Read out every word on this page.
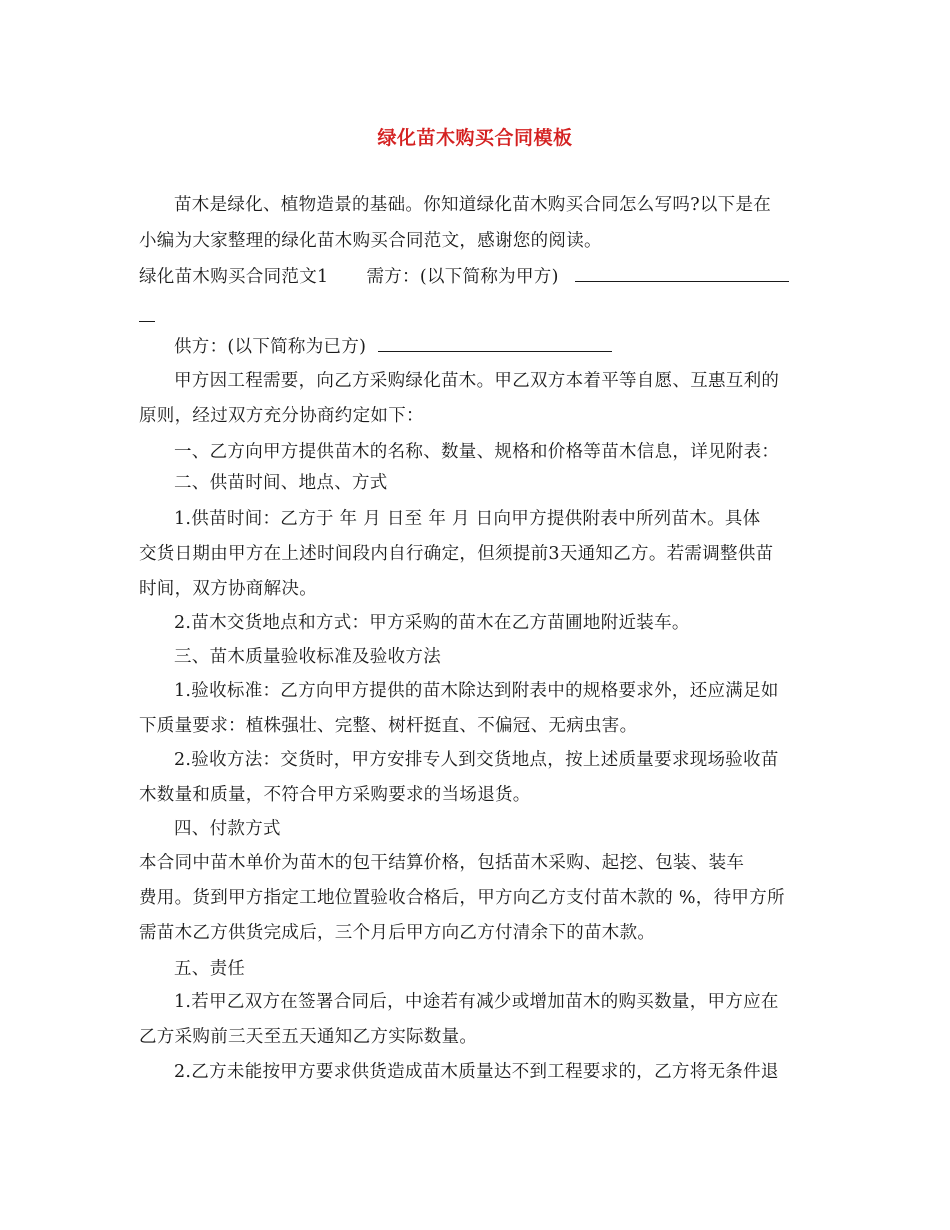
绿化苗木购买合同模板
苗木是绿化、植物造景的基础。你知道绿化苗木购买合同怎么写吗?以下是在
小编为大家整理的绿化苗木购买合同范文，感谢您的阅读。
绿化苗木购买合同范文1 需方：(以下简称为甲方)
供方：(以下简称为已方)
甲方因工程需要，向乙方采购绿化苗木。甲乙双方本着平等自愿、互惠互利的
原则，经过双方充分协商约定如下：
一、乙方向甲方提供苗木的名称、数量、规格和价格等苗木信息，详见附表：
二、供苗时间、地点、方式
1.供苗时间：乙方于 年 月 日至 年 月 日向甲方提供附表中所列苗木。具体
交货日期由甲方在上述时间段内自行确定，但须提前3天通知乙方。若需调整供苗
时间，双方协商解决。
2.苗木交货地点和方式：甲方采购的苗木在乙方苗圃地附近装车。
三、苗木质量验收标准及验收方法
1.验收标准：乙方向甲方提供的苗木除达到附表中的规格要求外，还应满足如
下质量要求：植株强壮、完整、树杆挺直、不偏冠、无病虫害。
2.验收方法：交货时，甲方安排专人到交货地点，按上述质量要求现场验收苗
木数量和质量，不符合甲方采购要求的当场退货。
四、付款方式
本合同中苗木单价为苗木的包干结算价格，包括苗木采购、起挖、包装、装车
费用。货到甲方指定工地位置验收合格后，甲方向乙方支付苗木款的 %，待甲方所
需苗木乙方供货完成后，三个月后甲方向乙方付清余下的苗木款。
五、责任
1.若甲乙双方在签署合同后，中途若有减少或增加苗木的购买数量，甲方应在
乙方采购前三天至五天通知乙方实际数量。
2.乙方未能按甲方要求供货造成苗木质量达不到工程要求的，乙方将无条件退
